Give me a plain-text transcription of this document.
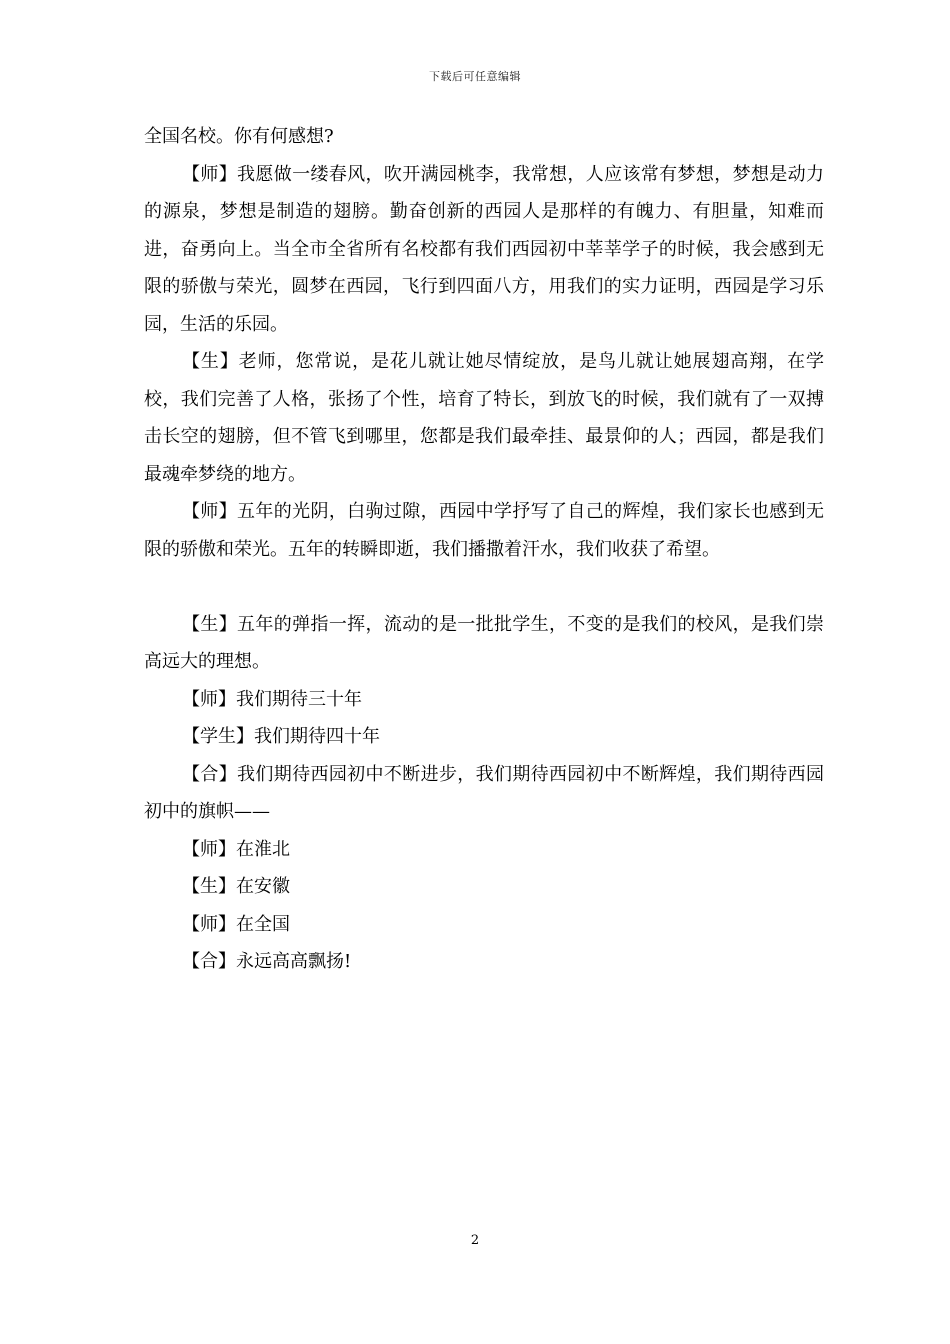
下载后可任意编辑

全国名校。你有何感想?

【师】我愿做一缕春风，吹开满园桃李，我常想，人应该常有梦想，梦想是动力的源泉，梦想是制造的翅膀。勤奋创新的西园人是那样的有魄力、有胆量，知难而进，奋勇向上。当全市全省所有名校都有我们西园初中莘莘学子的时候，我会感到无限的骄傲与荣光，圆梦在西园，飞行到四面八方，用我们的实力证明，西园是学习乐园，生活的乐园。

【生】老师，您常说，是花儿就让她尽情绽放，是鸟儿就让她展翅高翔，在学校，我们完善了人格，张扬了个性，培育了特长，到放飞的时候，我们就有了一双搏击长空的翅膀，但不管飞到哪里，您都是我们最牵挂、最景仰的人；西园，都是我们最魂牵梦绕的地方。

【师】五年的光阴，白驹过隙，西园中学抒写了自己的辉煌，我们家长也感到无限的骄傲和荣光。五年的转瞬即逝，我们播撒着汗水，我们收获了希望。

【生】五年的弹指一挥，流动的是一批批学生，不变的是我们的校风，是我们崇高远大的理想。

【师】我们期待三十年

【学生】我们期待四十年

【合】我们期待西园初中不断进步，我们期待西园初中不断辉煌，我们期待西园初中的旗帜——

【师】在淮北

【生】在安徽

【师】在全国

【合】永远高高飘扬!

2
